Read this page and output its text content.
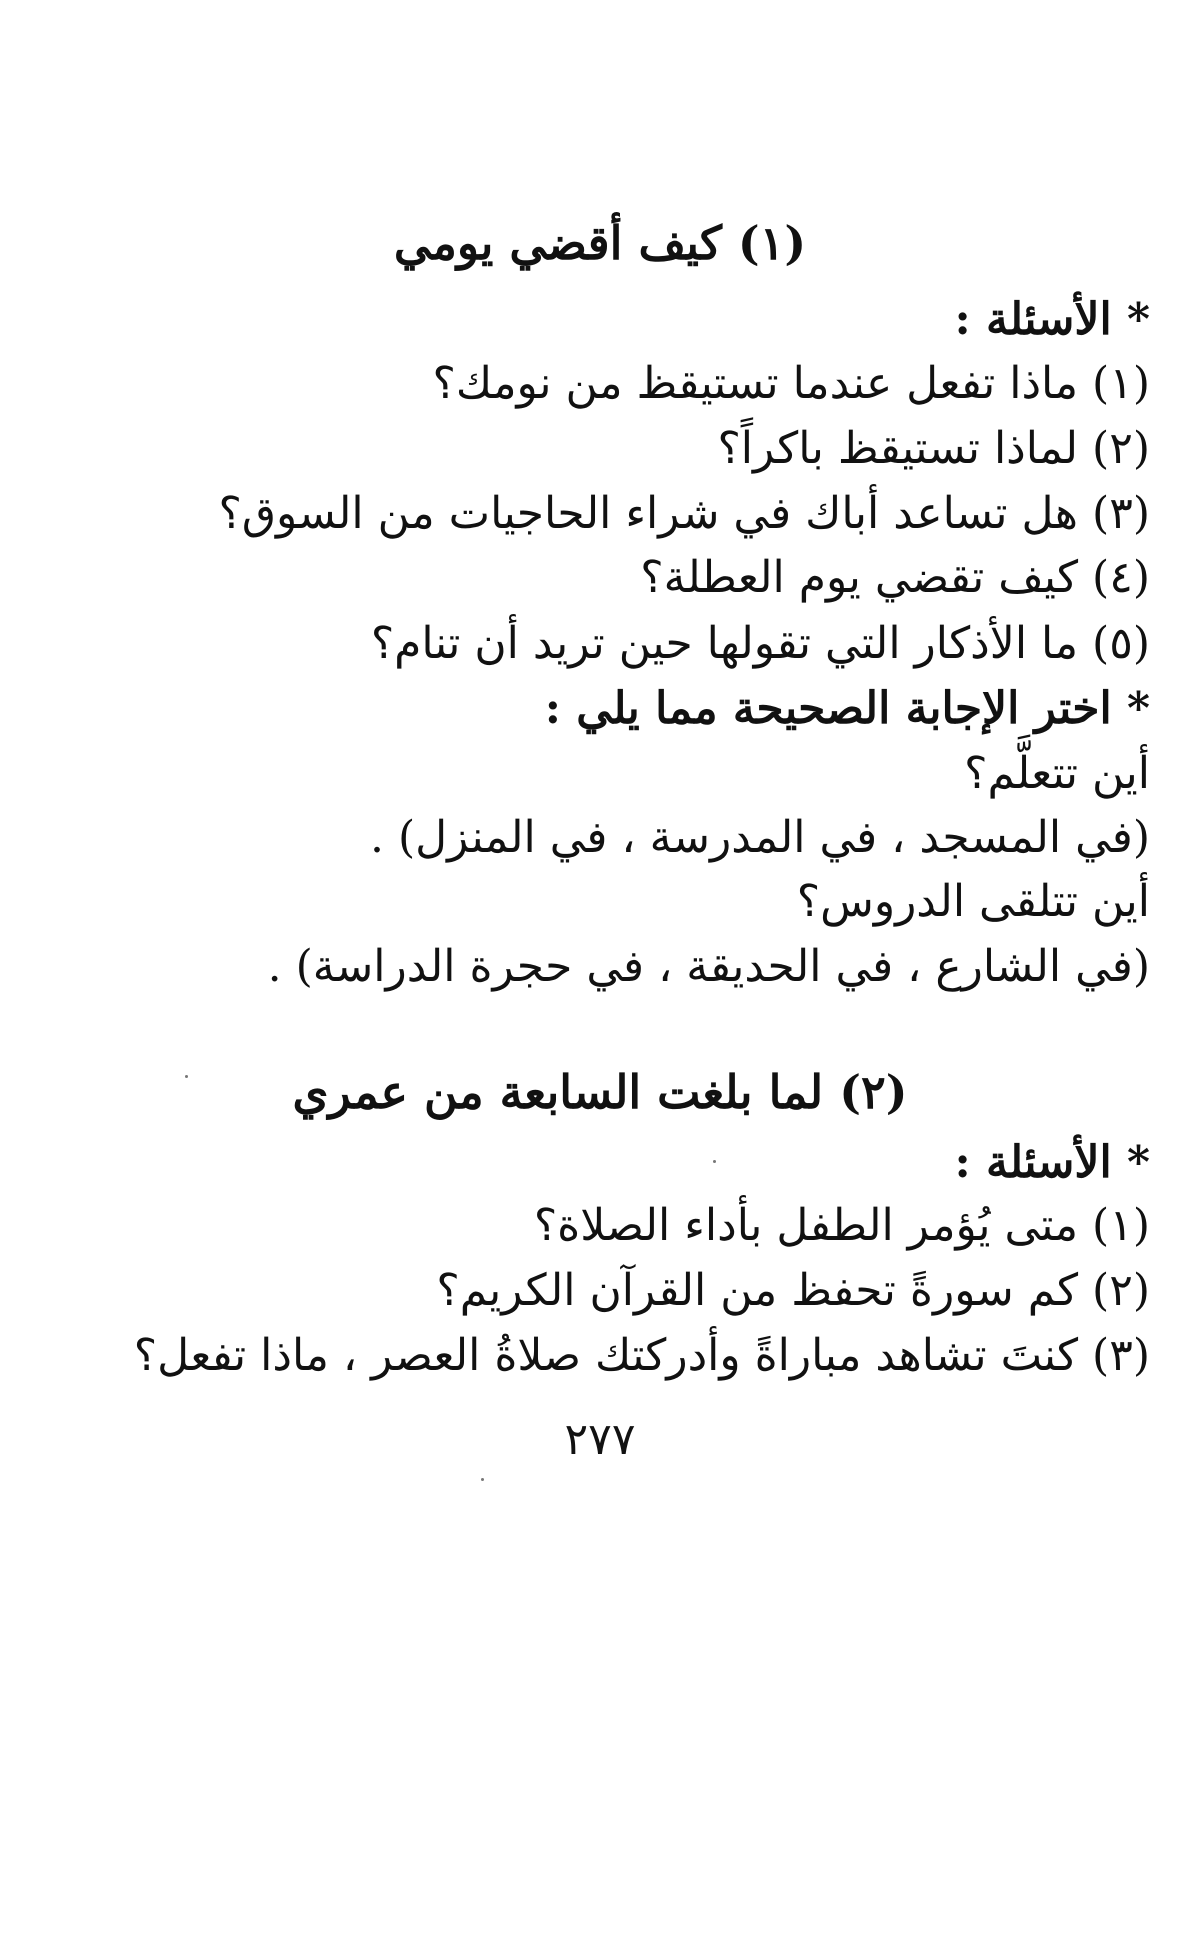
(١) كيف أقضي يومي

* الأسئلة :

(١)ماذا تفعل عندما تستيقظ من نومك؟

(٢)لماذا تستيقظ باكراً؟

(٣)هل تساعد أباك في شراء الحاجيات من السوق؟

(٤)كيف تقضي يوم العطلة؟

(٥)ما الأذكار التي تقولها حين تريد أن تنام؟

* اختر الإجابة الصحيحة مما يلي :

أين تتعلَّم؟

(في المسجد ، في المدرسة ، في المنزل) .

أين تتلقى الدروس؟

(في الشارع ، في الحديقة ، في حجرة الدراسة) .

(٢) لما بلغت السابعة من عمري

* الأسئلة :

(١)متى يُؤمر الطفل بأداء الصلاة؟

(٢)كم سورةً تحفظ من القرآن الكريم؟

(٣)كنتَ تشاهد مباراةً وأدركتك صلاةُ العصر ، ماذا تفعل؟

٢٧٧
